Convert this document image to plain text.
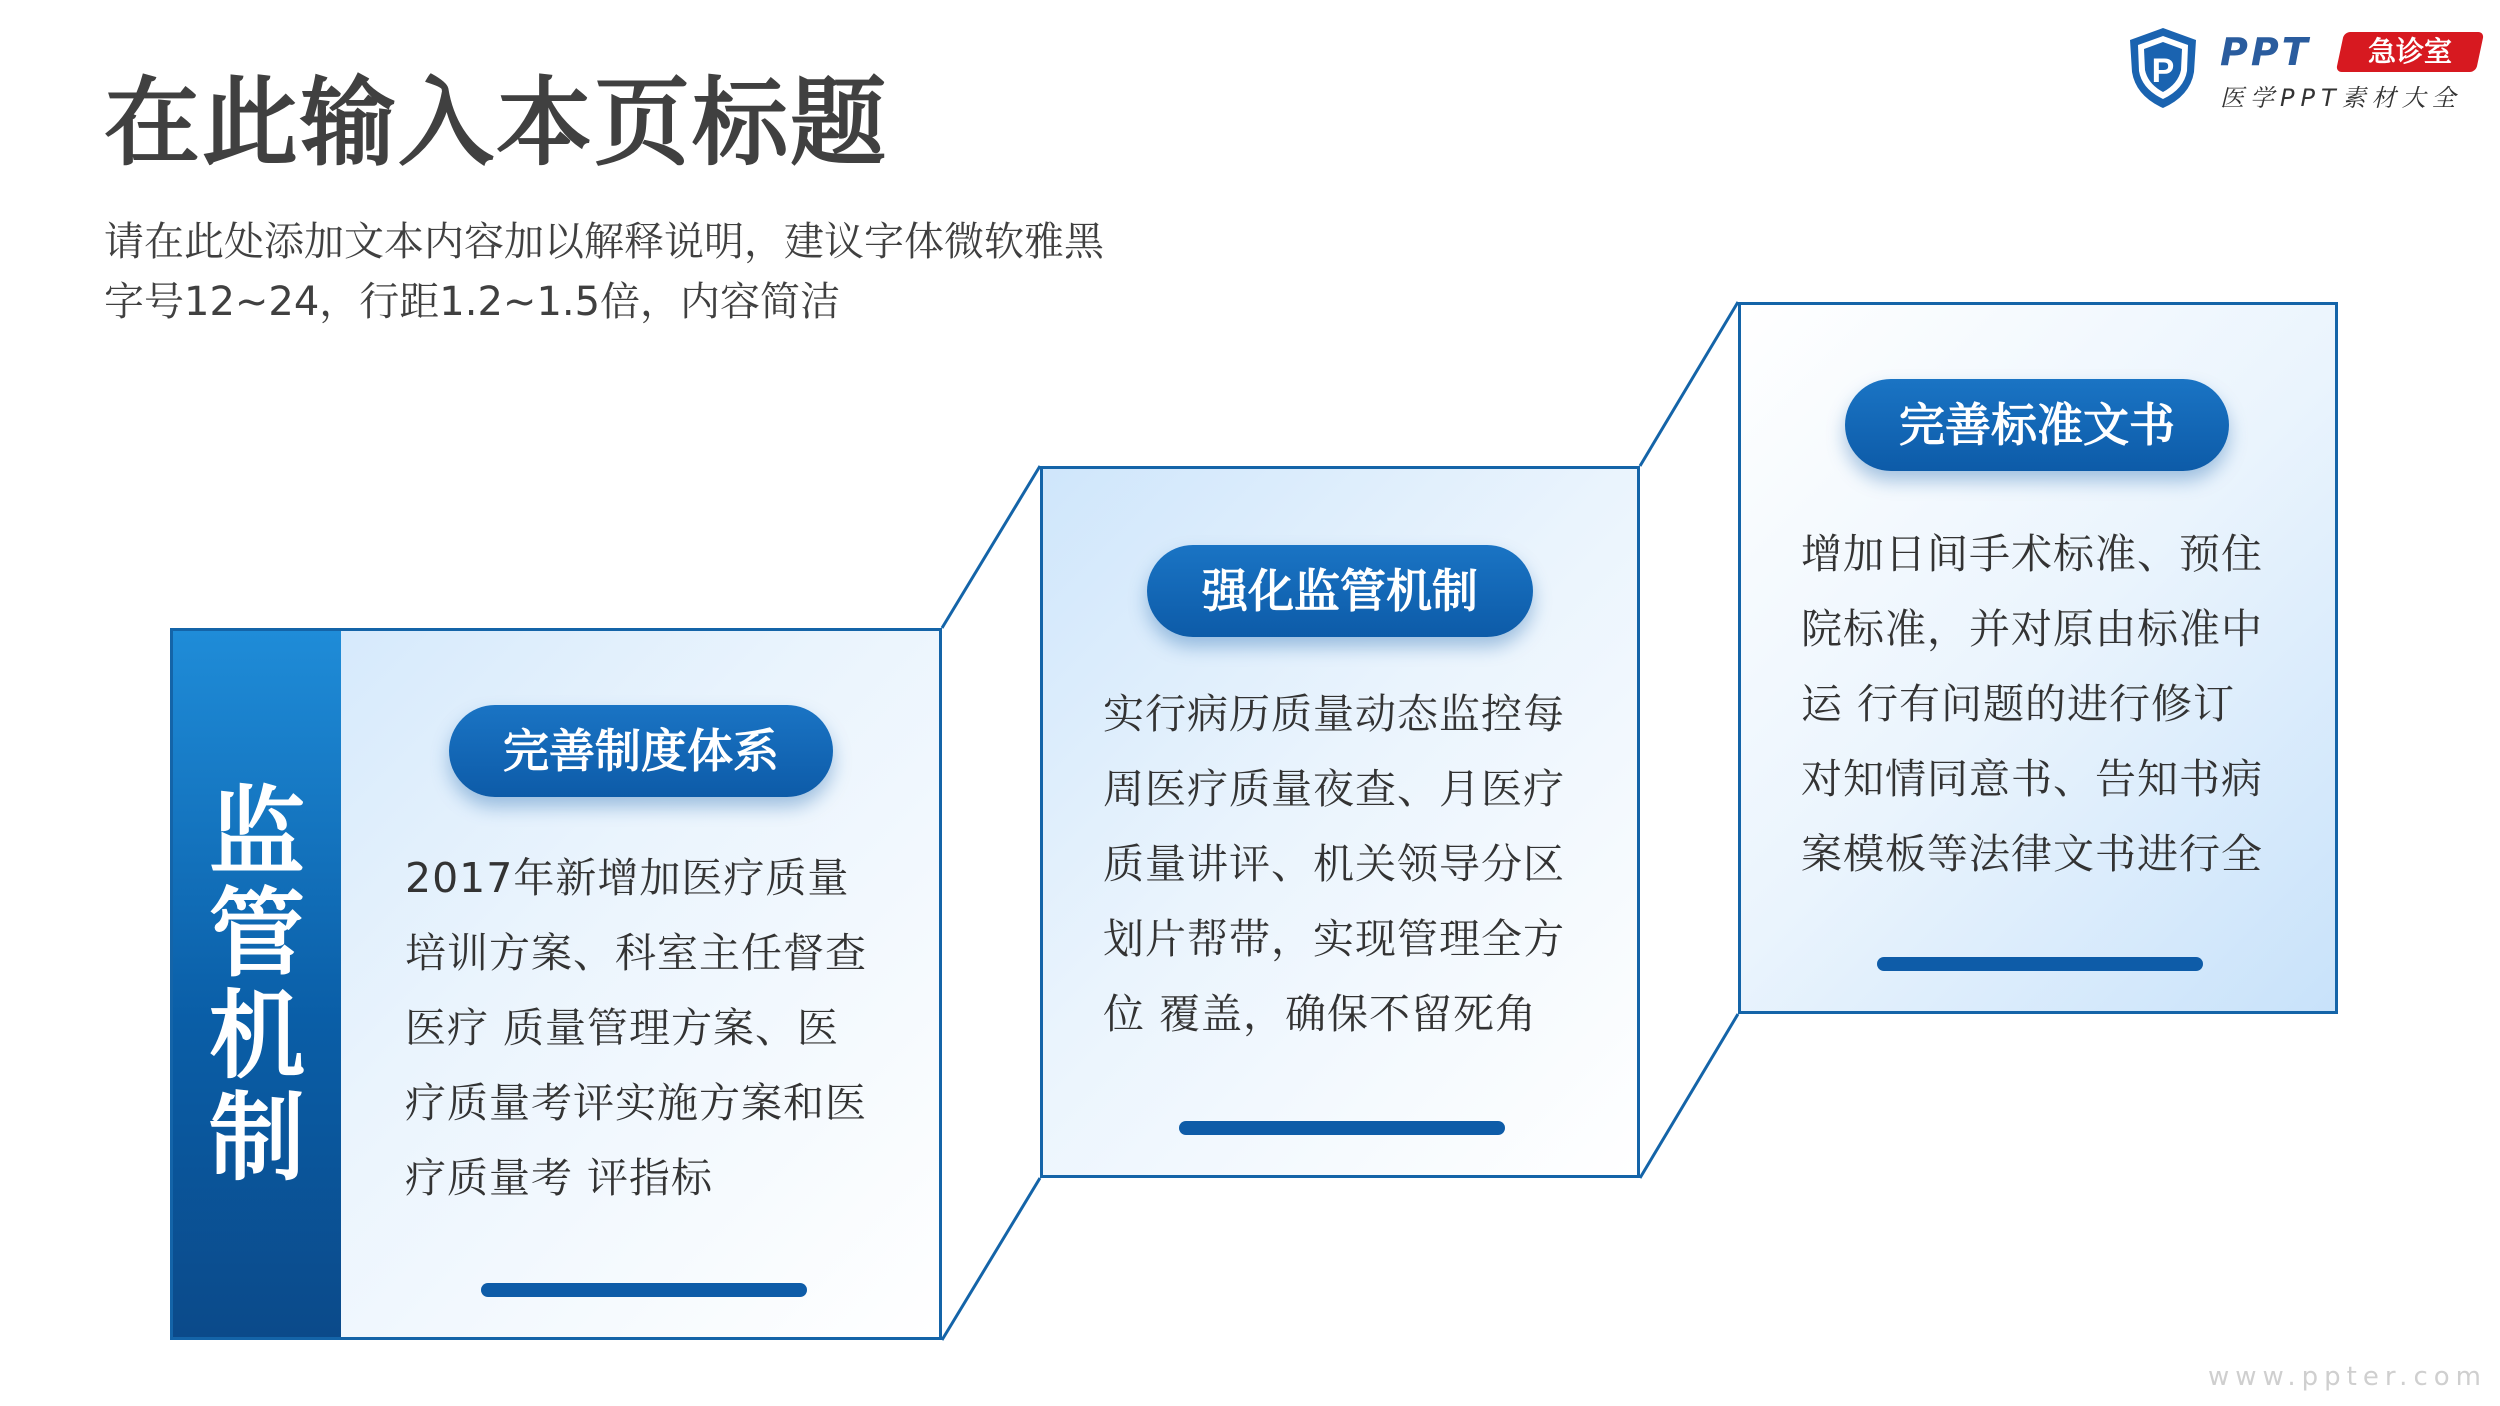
在此输入本页标题
请在此处添加文本内容加以解释说明，建议字体微软雅黑
字号12~24，行距1.2~1.5倍，内容简洁
P PPT	急诊室
医学PPT素材大全
监
管
机
制
完善制度体系
2017年新增加医疗质量
培训方案、科室主任督查
医疗 质量管理方案、医
疗质量考评实施方案和医
疗质量考 评指标
强化监管机制
实行病历质量动态监控每
周医疗质量夜查、月医疗
质量讲评、机关领导分区
划片帮带，实现管理全方
位 覆盖，确保不留死角
完善标准文书
增加日间手术标准、预住
院标准，并对原由标准中
运 行有问题的进行修订
对知情同意书、告知书病
案模板等法律文书进行全
www.ppter.com
